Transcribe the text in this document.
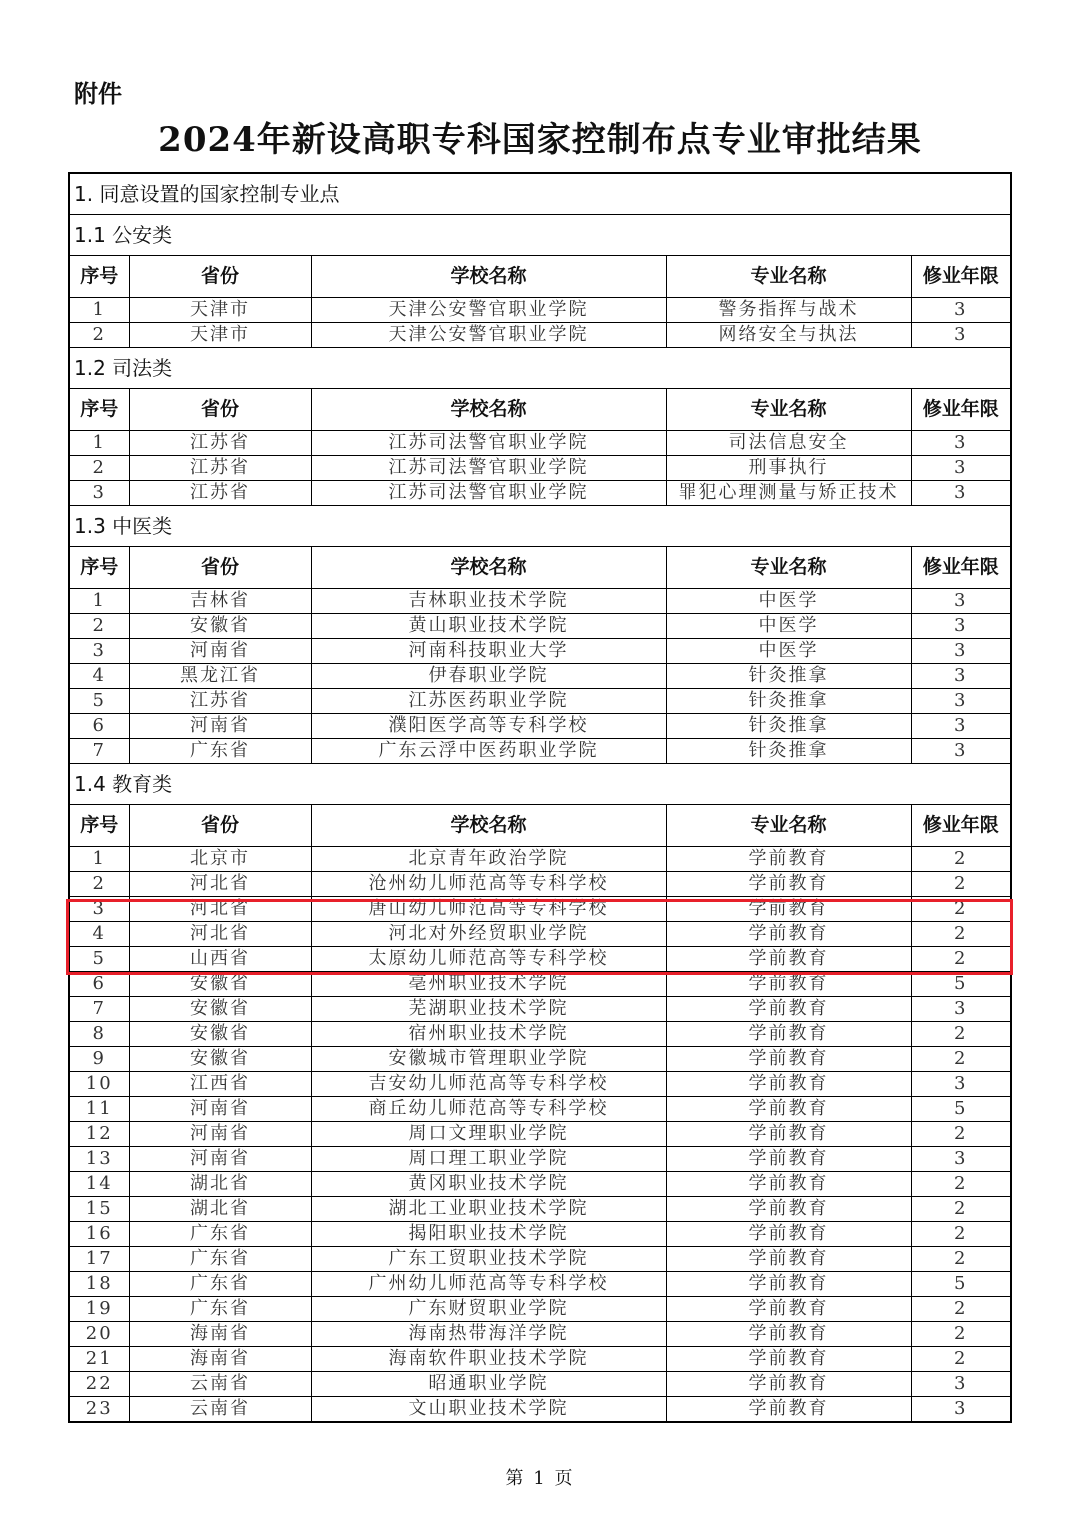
附件
2024年新设高职专科国家控制布点专业审批结果
1. 同意设置的国家控制专业点				
1.1 公安类				
序号	省份	学校名称	专业名称	修业年限
1	天津市	天津公安警官职业学院	警务指挥与战术	3
2	天津市	天津公安警官职业学院	网络安全与执法	3
1.2 司法类				
序号	省份	学校名称	专业名称	修业年限
1	江苏省	江苏司法警官职业学院	司法信息安全	3
2	江苏省	江苏司法警官职业学院	刑事执行	3
3	江苏省	江苏司法警官职业学院	罪犯心理测量与矫正技术	3
1.3 中医类				
序号	省份	学校名称	专业名称	修业年限
1	吉林省	吉林职业技术学院	中医学	3
2	安徽省	黄山职业技术学院	中医学	3
3	河南省	河南科技职业大学	中医学	3
4	黑龙江省	伊春职业学院	针灸推拿	3
5	江苏省	江苏医药职业学院	针灸推拿	3
6	河南省	濮阳医学高等专科学校	针灸推拿	3
7	广东省	广东云浮中医药职业学院	针灸推拿	3
1.4 教育类				
序号	省份	学校名称	专业名称	修业年限
1	北京市	北京青年政治学院	学前教育	2
2	河北省	沧州幼儿师范高等专科学校	学前教育	2
3	河北省	唐山幼儿师范高等专科学校	学前教育	2
4	河北省	河北对外经贸职业学院	学前教育	2
5	山西省	太原幼儿师范高等专科学校	学前教育	2
6	安徽省	亳州职业技术学院	学前教育	5
7	安徽省	芜湖职业技术学院	学前教育	3
8	安徽省	宿州职业技术学院	学前教育	2
9	安徽省	安徽城市管理职业学院	学前教育	2
10	江西省	吉安幼儿师范高等专科学校	学前教育	3
11	河南省	商丘幼儿师范高等专科学校	学前教育	5
12	河南省	周口文理职业学院	学前教育	2
13	河南省	周口理工职业学院	学前教育	3
14	湖北省	黄冈职业技术学院	学前教育	2
15	湖北省	湖北工业职业技术学院	学前教育	2
16	广东省	揭阳职业技术学院	学前教育	2
17	广东省	广东工贸职业技术学院	学前教育	2
18	广东省	广州幼儿师范高等专科学校	学前教育	5
19	广东省	广东财贸职业学院	学前教育	2
20	海南省	海南热带海洋学院	学前教育	2
21	海南省	海南软件职业技术学院	学前教育	2
22	云南省	昭通职业学院	学前教育	3
23	云南省	文山职业技术学院	学前教育	3
第 1 页
